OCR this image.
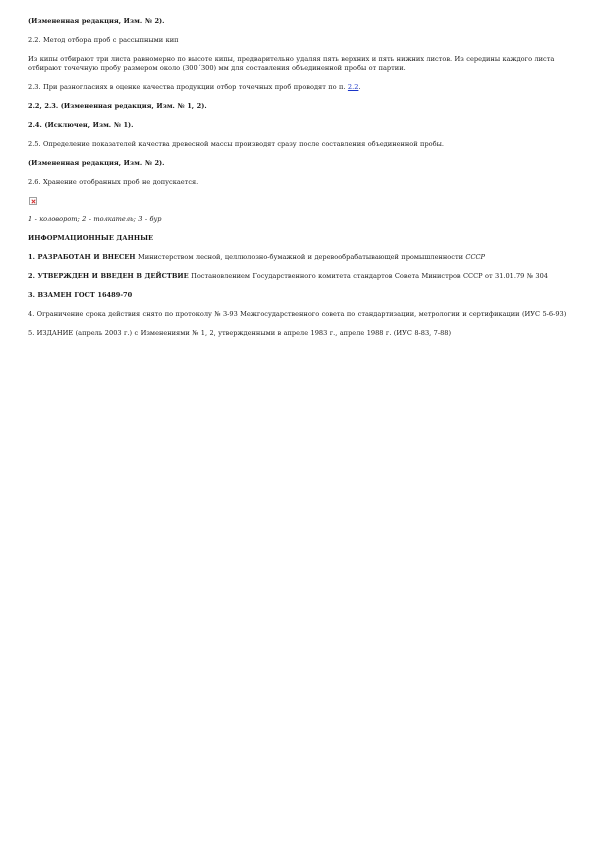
(Измененная редакция, Изм. № 2).

2.2. Метод отбора проб с рассыпными кип

Из кипы отбирают три листа равномерно по высоте кипы, предварительно удаляя пять верхних и пять нижних листов. Из середины каждого листа отбирают точечную пробу размером около (300´300) мм для составления объединенной пробы от партии.

2.3. При разногласиях в оценке качества продукции отбор точечных проб проводят по п. 2.2.

2.2, 2.3. (Измененная редакция, Изм. № 1, 2).

2.4. (Исключен, Изм. № 1).

2.5. Определение показателей качества древесной массы производят сразу после составления объединенной пробы.

(Измененная редакция, Изм. № 2).

2.6. Хранение отобранных проб не допускается.

1 - коловорот; 2 - толкатель; 3 - бур

ИНФОРМАЦИОННЫЕ ДАННЫЕ

1. РАЗРАБОТАН И ВНЕСЕН Министерством лесной, целлюлозно-бумажной и деревообрабатывающей промышленности СССР

2. УТВЕРЖДЕН И ВВЕДЕН В ДЕЙСТВИЕ Постановлением Государственного комитета стандартов Совета Министров СССР от 31.01.79 № 304

3. ВЗАМЕН ГОСТ 16489-70

4. Ограничение срока действия снято по протоколу № 3-93 Межгосударственного совета по стандартизации, метрологии и сертификации (ИУС 5-6-93)

5. ИЗДАНИЕ (апрель 2003 г.) с Изменениями № 1, 2, утвержденными в апреле 1983 г., апреле 1988 г. (ИУС 8-83, 7-88)
